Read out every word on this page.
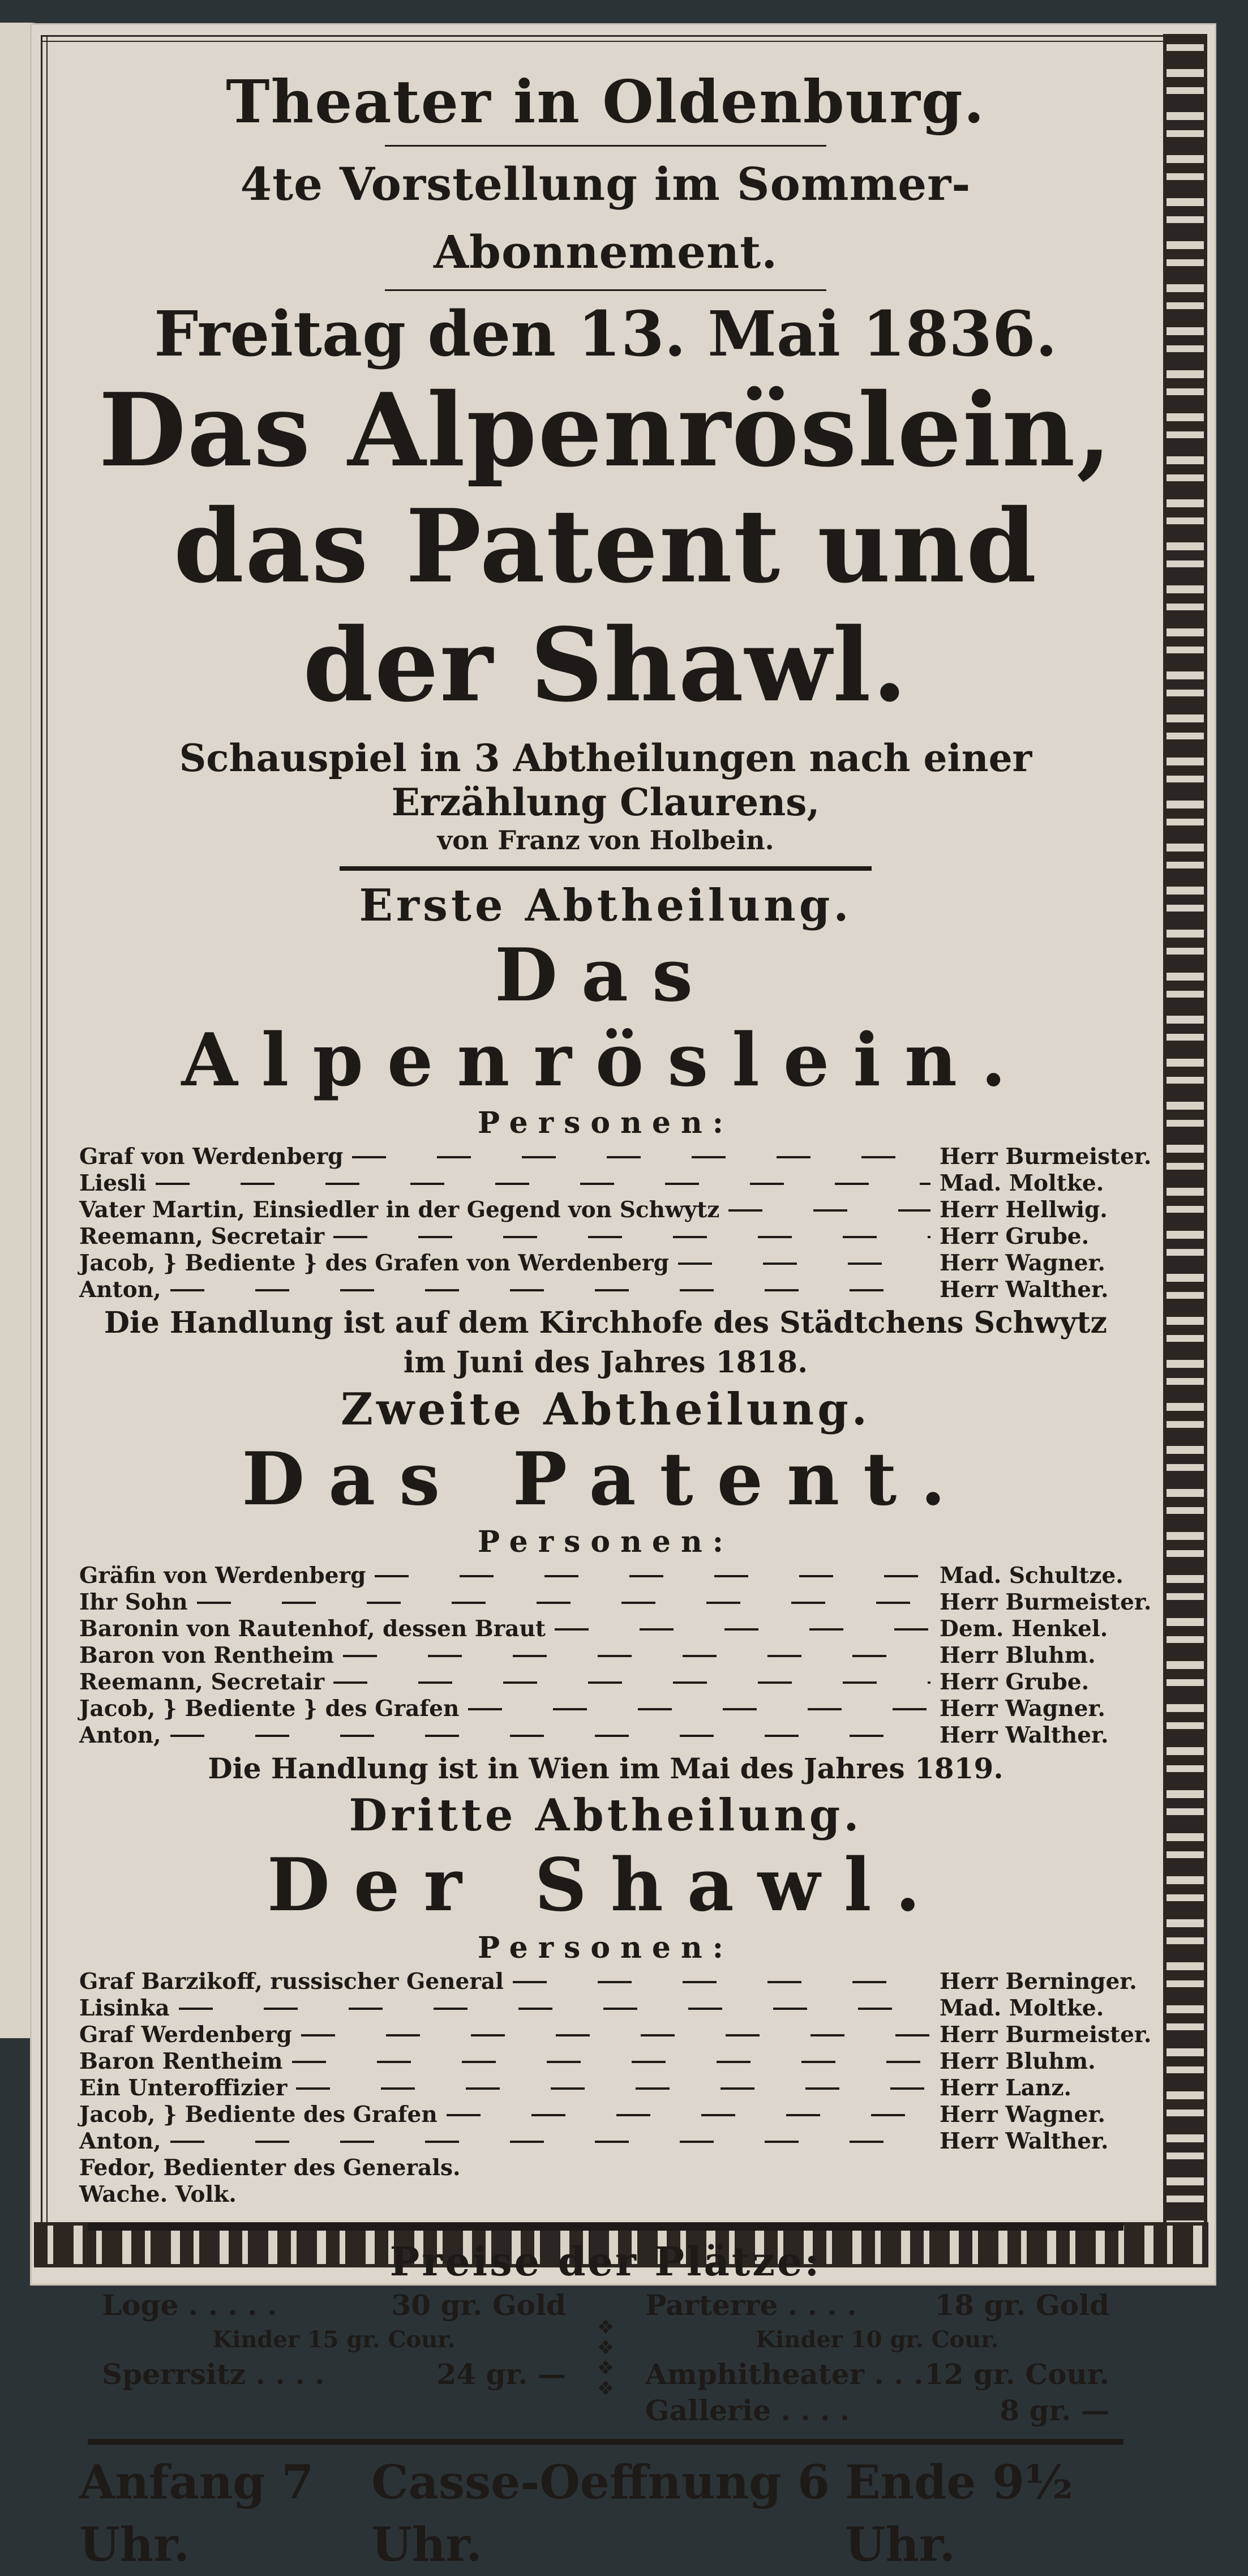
Theater in Oldenburg.
4te Vorstellung im Sommer-Abonnement.
Freitag den 13. Mai 1836.
Das Alpenröslein,
das Patent und der Shawl.
Schauspiel in 3 Abtheilungen nach einer Erzählung Claurens,
von Franz von Holbein.
Erste Abtheilung.
Das Alpenröslein.
Personen:
Graf von Werdenberg	Herr Burmeister.
Liesli	Mad. Moltke.
Vater Martin, Einsiedler in der Gegend von Schwytz	Herr Hellwig.
Reemann, Secretair	Herr Grube.
Jacob, } Bediente } des Grafen von Werdenberg	Herr Wagner.
Anton,	Herr Walther.
Die Handlung ist auf dem Kirchhofe des Städtchens Schwytz im Juni des Jahres 1818.
Zweite Abtheilung.
Das Patent.
Personen:
Gräfin von Werdenberg	Mad. Schultze.
Ihr Sohn	Herr Burmeister.
Baronin von Rautenhof, dessen Braut	Dem. Henkel.
Baron von Rentheim	Herr Bluhm.
Reemann, Secretair	Herr Grube.
Jacob, } Bediente } des Grafen	Herr Wagner.
Anton,	Herr Walther.
Die Handlung ist in Wien im Mai des Jahres 1819.
Dritte Abtheilung.
Der Shawl.
Personen:
Graf Barzikoff, russischer General	Herr Berninger.
Lisinka	Mad. Moltke.
Graf Werdenberg	Herr Burmeister.
Baron Rentheim	Herr Bluhm.
Ein Unteroffizier	Herr Lanz.
Jacob, } Bediente des Grafen	Herr Wagner.
Anton,	Herr Walther.
Fedor, Bedienter des Generals.
Wache. Volk.
Preise der Plätze:
Loge . . . . .	30 gr. Gold
Kinder 15 gr. Cour.
Sperrsitz . . . .	24 gr. —
❖
❖
❖
❖
Parterre . . . .	18 gr. Gold
Kinder 10 gr. Cour.
Amphitheater . . . 12 gr. Cour.
Gallerie . . . .	8 gr. —
Anfang 7 Uhr.
Casse-Oeffnung 6 Uhr.
Ende 9½ Uhr.
